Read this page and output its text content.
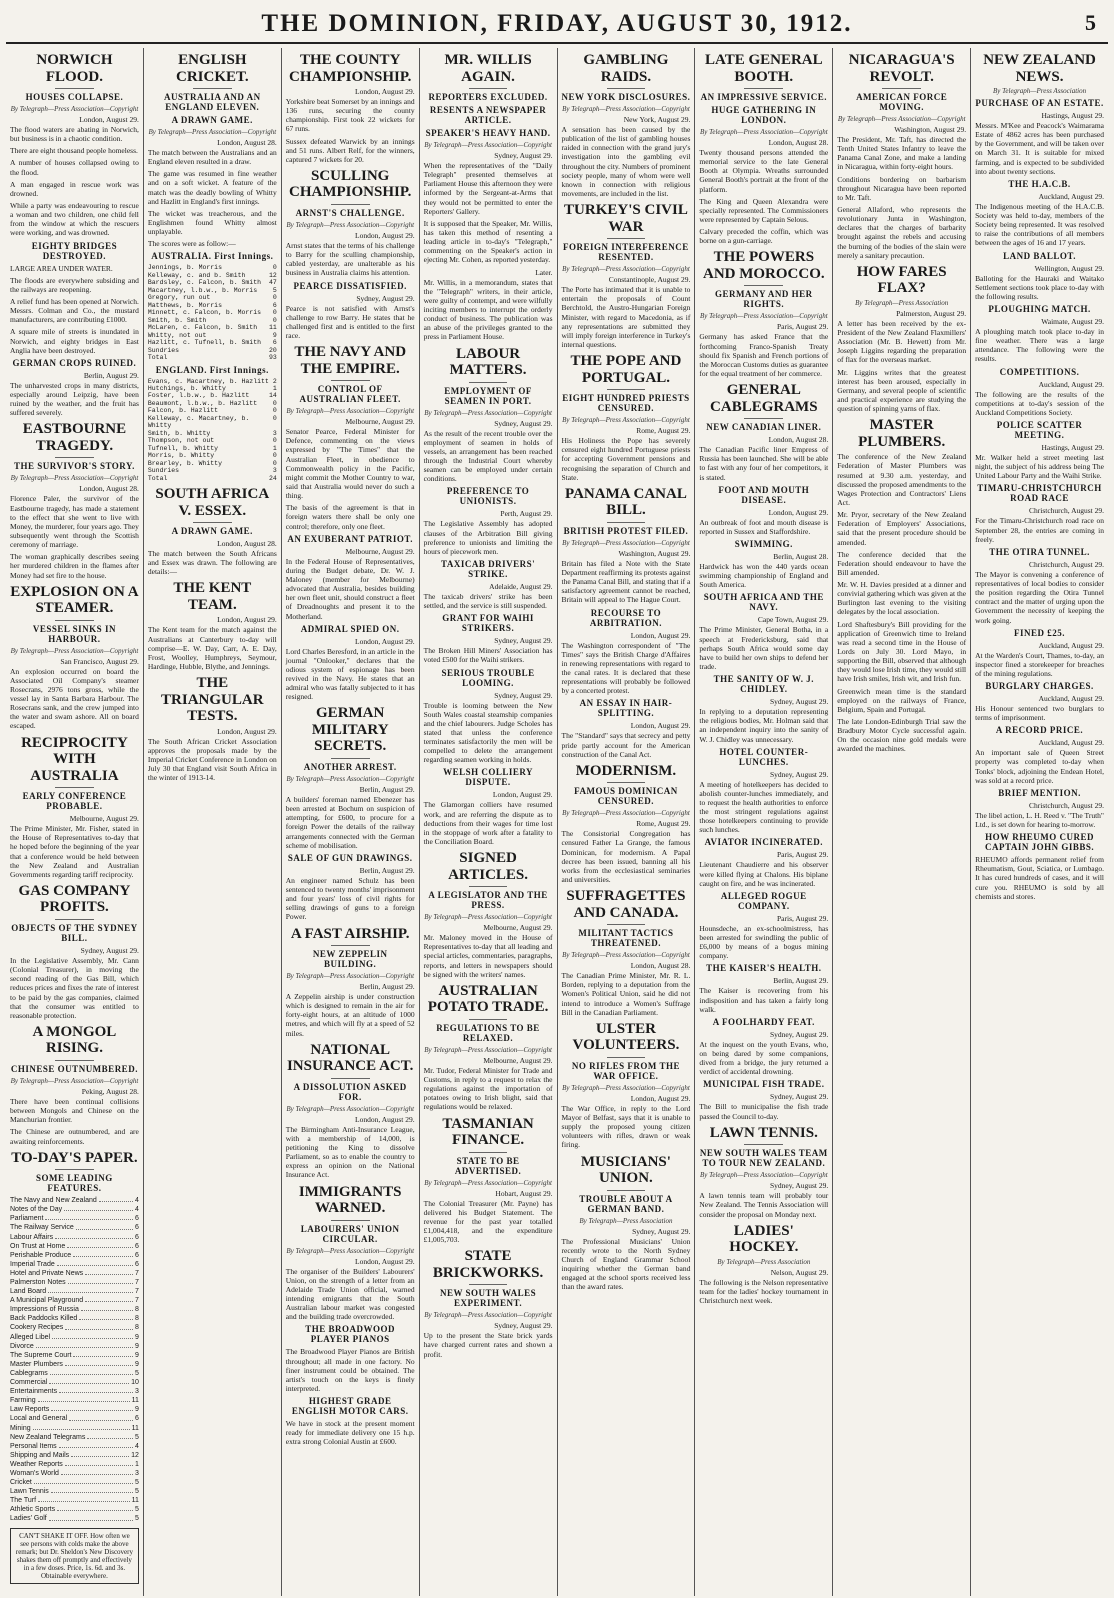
THE DOMINION, FRIDAY, AUGUST 30, 1912.	5
NORWICH FLOOD.
HOUSES COLLAPSE.
By Telegraph—Press Association—Copyright
London, August 29.

The flood waters are abating in Norwich, but business is in a chaotic condition.

There are eight thousand people homeless.

A number of houses collapsed owing to the flood.

A man engaged in rescue work was drowned.

While a party was endeavouring to rescue a woman and two children, one child fell from the window at which the rescuers were working, and was drowned.

EIGHTY BRIDGES DESTROYED.

LARGE AREA UNDER WATER.

The floods are everywhere subsiding and the railways are reopening.

A relief fund has been opened at Norwich. Messrs. Colman and Co., the mustard manufacturers, are contributing £1000.

A square mile of streets is inundated in Norwich, and eighty bridges in East Anglia have been destroyed.

GERMAN CROPS RUINED.
Berlin, August 29.

The unharvested crops in many districts, especially around Leipzig, have been ruined by the weather, and the fruit has suffered severely.

EASTBOURNE TRAGEDY.
THE SURVIVOR'S STORY.
By Telegraph—Press Association—Copyright
London, August 28.

Florence Paler, the survivor of the Eastbourne tragedy, has made a statement to the effect that she went to live with Money, the murderer, four years ago. They subsequently went through the Scottish ceremony of marriage.

The woman graphically describes seeing her murdered children in the flames after Money had set fire to the house.

EXPLOSION ON A STEAMER.
VESSEL SINKS IN HARBOUR.
By Telegraph—Press Association—Copyright
San Francisco, August 29.

An explosion occurred on board the Associated Oil Company's steamer Rosecrans, 2976 tons gross, while the vessel lay in Santa Barbara Harbour. The Rosecrans sank, and the crew jumped into the water and swam ashore. All on board escaped.

RECIPROCITY WITH AUSTRALIA
EARLY CONFERENCE PROBABLE.
Melbourne, August 29.

The Prime Minister, Mr. Fisher, stated in the House of Representatives to-day that he hoped before the beginning of the year that a conference would be held between the New Zealand and Australian Governments regarding tariff reciprocity.

GAS COMPANY PROFITS.
OBJECTS OF THE SYDNEY BILL.
Sydney, August 29.

In the Legislative Assembly, Mr. Cann (Colonial Treasurer), in moving the second reading of the Gas Bill, which reduces prices and fixes the rate of interest to be paid by the gas companies, claimed that the consumer was entitled to reasonable protection.

A MONGOL RISING.
CHINESE OUTNUMBERED.
By Telegraph—Press Association—Copyright
Peking, August 28.

There have been continual collisions between Mongols and Chinese on the Manchurian frontier.

The Chinese are outnumbered, and are awaiting reinforcements.

TO-DAY'S PAPER.
SOME LEADING FEATURES.
The Navy and New Zealand	4
Notes of the Day	4
Parliament	6
The Railway Service	6
Labour Affairs	6
On Trust at Home	6
Perishable Produce	6
Imperial Trade	6
Hotel and Private News	7
Palmerston Notes	7
Land Board	7
A Municipal Playground	7
Impressions of Russia	8
Back Paddocks Killed	8
Cookery Recipes	8
Alleged Libel	9
Divorce	9
The Supreme Court	9
Master Plumbers	9
Cablegrams	5
Commercial	10
Entertainments	3
Farming	11
Law Reports	9
Local and General	6
Mining	11
New Zealand Telegrams	5
Personal Items	4
Shipping and Mails	12
Weather Reports	1
Woman's World	3
Cricket	5
Lawn Tennis	5
The Turf	11
Athletic Sports	5
Ladies' Golf	5
CAN'T SHAKE IT OFF. How often we see persons with colds make the above remark; but Dr. Sheldon's New Discovery shakes them off promptly and effectively in a few doses. Price, 1s. 6d. and 3s. Obtainable everywhere.
ENGLISH CRICKET.
AUSTRALIA AND AN ENGLAND ELEVEN.
A DRAWN GAME.
By Telegraph—Press Association—Copyright
London, August 28.

The match between the Australians and an England eleven resulted in a draw.

The game was resumed in fine weather and on a soft wicket. A feature of the match was the deadly bowling of Whitty and Hazlitt in England's first innings.

The wicket was treacherous, and the Englishmen found Whitty almost unplayable.

The scores were as follow:—

AUSTRALIA. First Innings.
Jennings, b. Morris	0
Kelleway, c. and b. Smith	12
Bardsley, c. Falcon, b. Smith 47
Macartney, l.b.w., b. Morris 5
Gregory, run out	0
Matthews, b. Morris	6
Minnett, c. Falcon, b. Morris 0
Smith, b. Smith	0
McLaren, c. Falcon, b. Smith 11
Whitty, not out	9
Hazlitt, c. Tufnell, b. Smith 6
Sundries	20
Total	93
ENGLAND. First Innings.
Evans, c. Macartney, b. Hazlitt 2
Hutchings, b. Whitty	1
Foster, l.b.w., b. Hazlitt	14
Beaumont, l.b.w., b. Hazlitt 0
Falcon, b. Hazlitt	0
Kelleway, c. Macartney, b. Whitty
0
Smith, b. Whitty	3
Thompson, not out	0
Tufnell, b. Whitty	1
Morris, b. Whitty	0
Brearley, b. Whitty	0
Sundries	3
Total	24
SOUTH AFRICA V. ESSEX.
A DRAWN GAME.
London, August 28.

The match between the South Africans and Essex was drawn. The following are details:—

THE KENT TEAM.
London, August 29.

The Kent team for the match against the Australians at Canterbury to-day will comprise—E. W. Day, Carr, A. E. Day, Frost, Woolley, Humphreys, Seymour, Hardinge, Hubble, Blythe, and Jennings.

THE TRIANGULAR TESTS.
London, August 29.

The South African Cricket Association approves the proposals made by the Imperial Cricket Conference in London on July 30 that England visit South Africa in the winter of 1913-14.

THE COUNTY CHAMPIONSHIP.
London, August 29.

Yorkshire beat Somerset by an innings and 136 runs, securing the county championship. First took 22 wickets for 67 runs.

Sussex defeated Warwick by an innings and 51 runs. Albert Relf, for the winners, captured 7 wickets for 20.

SCULLING CHAMPIONSHIP.
ARNST'S CHALLENGE.
By Telegraph—Press Association—Copyright
London, August 29.

Arnst states that the terms of his challenge to Barry for the sculling championship, cabled yesterday, are unalterable as his business in Australia claims his attention.

PEARCE DISSATISFIED.
Sydney, August 29.

Pearce is not satisfied with Arnst's challenge to row Barry. He states that he challenged first and is entitled to the first race.

THE NAVY AND THE EMPIRE.
CONTROL OF AUSTRALIAN FLEET.
By Telegraph—Press Association—Copyright
Melbourne, August 29.

Senator Pearce, Federal Minister for Defence, commenting on the views expressed by "The Times" that the Australian Fleet, in obedience to Commonwealth policy in the Pacific, might commit the Mother Country to war, said that Australia would never do such a thing.

The basis of the agreement is that in foreign waters there shall be only one control; therefore, only one fleet.

AN EXUBERANT PATRIOT.
Melbourne, August 29.

In the Federal House of Representatives, during the Budget debate, Dr. W. J. Maloney (member for Melbourne) advocated that Australia, besides building her own fleet unit, should construct a fleet of Dreadnoughts and present it to the Motherland.

ADMIRAL SPIED ON.
London, August 29.

Lord Charles Beresford, in an article in the journal "Onlooker," declares that the odious system of espionage has been revived in the Navy. He states that an admiral who was fatally subjected to it has resigned.

GERMAN MILITARY SECRETS.
ANOTHER ARREST.
By Telegraph—Press Association—Copyright
Berlin, August 29.

A builders' foreman named Ebenezer has been arrested at Bochum on suspicion of attempting, for £600, to procure for a foreign Power the details of the railway arrangements connected with the German scheme of mobilisation.

SALE OF GUN DRAWINGS.
Berlin, August 29.

An engineer named Schulz has been sentenced to twenty months' imprisonment and four years' loss of civil rights for selling drawings of guns to a foreign Power.

A FAST AIRSHIP.
NEW ZEPPELIN BUILDING.
By Telegraph—Press Association—Copyright
Berlin, August 29.

A Zeppelin airship is under construction which is designed to remain in the air for forty-eight hours, at an altitude of 1000 metres, and which will fly at a speed of 52 miles.

NATIONAL INSURANCE ACT.
A DISSOLUTION ASKED FOR.
By Telegraph—Press Association—Copyright
London, August 29.

The Birmingham Anti-Insurance League, with a membership of 14,000, is petitioning the King to dissolve Parliament, so as to enable the country to express an opinion on the National Insurance Act.

IMMIGRANTS WARNED.
LABOURERS' UNION CIRCULAR.
By Telegraph—Press Association—Copyright
London, August 29.

The organiser of the Builders' Labourers' Union, on the strength of a letter from an Adelaide Trade Union official, warned intending emigrants that the South Australian labour market was congested and the building trade overcrowded.

THE BROADWOOD PLAYER PIANOS

The Broadwood Player Pianos are British throughout; all made in one factory. No finer instrument could be obtained. The artist's touch on the keys is finely interpreted.

HIGHEST GRADE ENGLISH MOTOR CARS.

We have in stock at the present moment ready for immediate delivery one 15 h.p. extra strong Colonial Austin at £600.

MR. WILLIS AGAIN.
REPORTERS EXCLUDED.
RESENTS A NEWSPAPER ARTICLE.
SPEAKER'S HEAVY HAND.
By Telegraph—Press Association—Copyright
Sydney, August 29.

When the representatives of the "Daily Telegraph" presented themselves at Parliament House this afternoon they were informed by the Sergeant-at-Arms that they would not be permitted to enter the Reporters' Gallery.

It is supposed that the Speaker, Mr. Willis, has taken this method of resenting a leading article in to-day's "Telegraph," commenting on the Speaker's action in ejecting Mr. Cohen, as reported yesterday.

Later.

Mr. Willis, in a memorandum, states that the "Telegraph" writers, in their article, were guilty of contempt, and were wilfully inciting members to interrupt the orderly conduct of business. The publication was an abuse of the privileges granted to the press in Parliament House.

LABOUR MATTERS.
EMPLOYMENT OF SEAMEN IN PORT.
By Telegraph—Press Association—Copyright
Sydney, August 29.

As the result of the recent trouble over the employment of seamen in holds of vessels, an arrangement has been reached through the Industrial Court whereby seamen can be employed under certain conditions.

PREFERENCE TO UNIONISTS.
Perth, August 29.

The Legislative Assembly has adopted clauses of the Arbitration Bill giving preference to unionists and limiting the hours of piecework men.

TAXICAB DRIVERS' STRIKE.
Adelaide, August 29.

The taxicab drivers' strike has been settled, and the service is still suspended.

GRANT FOR WAIHI STRIKERS.
Sydney, August 29.

The Broken Hill Miners' Association has voted £500 for the Waihi strikers.

SERIOUS TROUBLE LOOMING.
Sydney, August 29.

Trouble is looming between the New South Wales coastal steamship companies and the chief labourers. Judge Scholes has stated that unless the conference terminates satisfactorily the men will be compelled to delete the arrangement regarding seamen working in holds.

WELSH COLLIERY DISPUTE.
London, August 29.

The Glamorgan colliers have resumed work, and are referring the dispute as to deductions from their wages for time lost in the stoppage of work after a fatality to the Conciliation Board.

SIGNED ARTICLES.
A LEGISLATOR AND THE PRESS.
By Telegraph—Press Association—Copyright
Melbourne, August 29.

Mr. Maloney moved in the House of Representatives to-day that all leading and special articles, commentaries, paragraphs, reports, and letters in newspapers should be signed with the writers' names.

AUSTRALIAN POTATO TRADE.
REGULATIONS TO BE RELAXED.
By Telegraph—Press Association—Copyright
Melbourne, August 29.

Mr. Tudor, Federal Minister for Trade and Customs, in reply to a request to relax the regulations against the importation of potatoes owing to Irish blight, said that regulations would be relaxed.

TASMANIAN FINANCE.
STATE TO BE ADVERTISED.
By Telegraph—Press Association—Copyright
Hobart, August 29.

The Colonial Treasurer (Mr. Payne) has delivered his Budget Statement. The revenue for the past year totalled £1,004,418, and the expenditure £1,005,703.

STATE BRICKWORKS.
NEW SOUTH WALES EXPERIMENT.
By Telegraph—Press Association—Copyright
Sydney, August 29.

Up to the present the State brick yards have charged current rates and shown a profit.

GAMBLING RAIDS.
NEW YORK DISCLOSURES.
By Telegraph—Press Association—Copyright
New York, August 29.

A sensation has been caused by the publication of the list of gambling houses raided in connection with the grand jury's investigation into the gambling evil throughout the city. Numbers of prominent society people, many of whom were well known in connection with religious movements, are included in the list.

TURKEY'S CIVIL WAR
FOREIGN INTERFERENCE RESENTED.
By Telegraph—Press Association—Copyright
Constantinople, August 29.

The Porte has intimated that it is unable to entertain the proposals of Count Berchtold, the Austro-Hungarian Foreign Minister, with regard to Macedonia, as if any representations are submitted they will imply foreign interference in Turkey's internal questions.

THE POPE AND PORTUGAL.
EIGHT HUNDRED PRIESTS CENSURED.
By Telegraph—Press Association—Copyright
Rome, August 29.

His Holiness the Pope has severely censured eight hundred Portuguese priests for accepting Government pensions and recognising the separation of Church and State.

PANAMA CANAL BILL.
BRITISH PROTEST FILED.
By Telegraph—Press Association—Copyright
Washington, August 29.

Britain has filed a Note with the State Department reaffirming its protests against the Panama Canal Bill, and stating that if a satisfactory agreement cannot be reached, Britain will appeal to The Hague Court.

RECOURSE TO ARBITRATION.
London, August 29.

The Washington correspondent of "The Times" says the British Charge d'Affaires in renewing representations with regard to the canal rates. It is declared that these representations will probably be followed by a concerted protest.

AN ESSAY IN HAIR-SPLITTING.
London, August 29.

The "Standard" says that secrecy and petty pride partly account for the American construction of the Canal Act.

MODERNISM.
FAMOUS DOMINICAN CENSURED.
By Telegraph—Press Association—Copyright
Rome, August 29.

The Consistorial Congregation has censured Father La Grange, the famous Dominican, for modernism. A Papal decree has been issued, banning all his works from the ecclesiastical seminaries and universities.

SUFFRAGETTES AND CANADA.
MILITANT TACTICS THREATENED.
By Telegraph—Press Association—Copyright
London, August 28.

The Canadian Prime Minister, Mr. R. L. Borden, replying to a deputation from the Women's Political Union, said he did not intend to introduce a Women's Suffrage Bill in the Canadian Parliament.

ULSTER VOLUNTEERS.
NO RIFLES FROM THE WAR OFFICE.
By Telegraph—Press Association—Copyright
London, August 29.

The War Office, in reply to the Lord Mayor of Belfast, says that it is unable to supply the proposed young citizen volunteers with rifles, drawn or weak firing.

MUSICIANS' UNION.
TROUBLE ABOUT A GERMAN BAND.
By Telegraph—Press Association
Sydney, August 29.

The Professional Musicians' Union recently wrote to the North Sydney Church of England Grammar School inquiring whether the German band engaged at the school sports received less than the award rates.

LATE GENERAL BOOTH.
AN IMPRESSIVE SERVICE.
HUGE GATHERING IN LONDON.
By Telegraph—Press Association—Copyright
London, August 28.

Twenty thousand persons attended the memorial service to the late General Booth at Olympia. Wreaths surrounded General Booth's portrait at the front of the platform.

The King and Queen Alexandra were specially represented. The Commissioners were represented by Captain Selous.

Calvary preceded the coffin, which was borne on a gun-carriage.

THE POWERS AND MOROCCO.
GERMANY AND HER RIGHTS.
By Telegraph—Press Association—Copyright
Paris, August 29.

Germany has asked France that the forthcoming Franco-Spanish Treaty should fix Spanish and French portions of the Moroccan Customs duties as guarantee for the equal treatment of her commerce.

GENERAL CABLEGRAMS
NEW CANADIAN LINER.
London, August 28.

The Canadian Pacific liner Empress of Russia has been launched. She will be able to fast with any four of her competitors, it is stated.

FOOT AND MOUTH DISEASE.
London, August 29.

An outbreak of foot and mouth disease is reported in Sussex and Staffordshire.

SWIMMING.
Berlin, August 28.

Hardwick has won the 440 yards ocean swimming championship of England and South America.

SOUTH AFRICA AND THE NAVY.
Cape Town, August 29.

The Prime Minister, General Botha, in a speech at Fredericksburg, said that perhaps South Africa would some day have to build her own ships to defend her trade.

THE SANITY OF W. J. CHIDLEY.
Sydney, August 29.

In replying to a deputation representing the religious bodies, Mr. Holman said that an independent inquiry into the sanity of W. J. Chidley was unnecessary.

HOTEL COUNTER-LUNCHES.
Sydney, August 29.

A meeting of hotelkeepers has decided to abolish counter-lunches immediately, and to request the health authorities to enforce the most stringent regulations against those hotelkeepers continuing to provide such lunches.

AVIATOR INCINERATED.
Paris, August 29.

Lieutenant Chaudierre and his observer were killed flying at Chalons. His biplane caught on fire, and he was incinerated.

ALLEGED ROGUE COMPANY.
Paris, August 29.

Hounsdeche, an ex-schoolmistress, has been arrested for swindling the public of £6,000 by means of a bogus mining company.

THE KAISER'S HEALTH.
Berlin, August 29.

The Kaiser is recovering from his indisposition and has taken a fairly long walk.

A FOOLHARDY FEAT.
Sydney, August 29.

At the inquest on the youth Evans, who, on being dared by some companions, dived from a bridge, the jury returned a verdict of accidental drowning.

MUNICIPAL FISH TRADE.
Sydney, August 29.

The Bill to municipalise the fish trade passed the Council to-day.

LAWN TENNIS.
NEW SOUTH WALES TEAM TO TOUR NEW ZEALAND.
By Telegraph—Press Association—Copyright
Sydney, August 29.

A lawn tennis team will probably tour New Zealand. The Tennis Association will consider the proposal on Monday next.

LADIES' HOCKEY.
By Telegraph—Press Association
Nelson, August 29.

The following is the Nelson representative team for the ladies' hockey tournament in Christchurch next week.

NICARAGUA'S REVOLT.
AMERICAN FORCE MOVING.
By Telegraph—Press Association—Copyright
Washington, August 29.

The President, Mr. Taft, has directed the Tenth United States Infantry to leave the Panama Canal Zone, and make a landing in Nicaragua, within forty-eight hours.

Conditions bordering on barbarism throughout Nicaragua have been reported to Mr. Taft.

General Allaford, who represents the revolutionary Junta in Washington, declares that the charges of barbarity brought against the rebels and accusing the burning of the bodies of the slain were merely a sanitary precaution.

HOW FARES FLAX?
By Telegraph—Press Association
Palmerston, August 29.

A letter has been received by the ex-President of the New Zealand Flaxmillers' Association (Mr. B. Hewett) from Mr. Joseph Liggins regarding the preparation of flax for the overseas market.

Mr. Liggins writes that the greatest interest has been aroused, especially in Germany, and several people of scientific and practical experience are studying the question of spinning yarns of flax.

MASTER PLUMBERS.

The conference of the New Zealand Federation of Master Plumbers was resumed at 9.30 a.m. yesterday, and discussed the proposed amendments to the Wages Protection and Contractors' Liens Act.

Mr. Pryor, secretary of the New Zealand Federation of Employers' Associations, said that the present procedure should be amended.

The conference decided that the Federation should endeavour to have the Bill amended.

Mr. W. H. Davies presided at a dinner and convivial gathering which was given at the Burlington last evening to the visiting delegates by the local association.

Lord Shaftesbury's Bill providing for the application of Greenwich time to Ireland was read a second time in the House of Lords on July 30. Lord Mayo, in supporting the Bill, observed that although they would lose Irish time, they would still have Irish smiles, Irish wit, and Irish fun.

Greenwich mean time is the standard employed on the railways of France, Belgium, Spain and Portugal.

The late London-Edinburgh Trial saw the Bradbury Motor Cycle successful again. On the occasion nine gold medals were awarded the machines.

NEW ZEALAND NEWS.
By Telegraph—Press Association
PURCHASE OF AN ESTATE.
Hastings, August 29.

Messrs. M'Kee and Peacock's Waimarama Estate of 4862 acres has been purchased by the Government, and will be taken over on March 31. It is suitable for mixed farming, and is expected to be subdivided into about twenty sections.

THE H.A.C.B.
Auckland, August 29.

The Indigenous meeting of the H.A.C.B. Society was held to-day, members of the Society being represented. It was resolved to raise the contributions of all members between the ages of 16 and 17 years.

LAND BALLOT.
Wellington, August 29.

Balloting for the Hauraki and Waitako Settlement sections took place to-day with the following results.

PLOUGHING MATCH.
Waimate, August 29.

A ploughing match took place to-day in fine weather. There was a large attendance. The following were the results.

COMPETITIONS.
Auckland, August 29.

The following are the results of the competitions at to-day's session of the Auckland Competitions Society.

POLICE SCATTER MEETING.
Hastings, August 29.

Mr. Walker held a street meeting last night, the subject of his address being The United Labour Party and the Waihi Strike.

TIMARU-CHRISTCHURCH ROAD RACE
Christchurch, August 29.

For the Timaru-Christchurch road race on September 28, the entries are coming in freely.

THE OTIRA TUNNEL.
Christchurch, August 29.

The Mayor is convening a conference of representatives of local bodies to consider the position regarding the Otira Tunnel contract and the matter of urging upon the Government the necessity of keeping the work going.

FINED £25.
Auckland, August 29.

At the Warden's Court, Thames, to-day, an inspector fined a storekeeper for breaches of the mining regulations.

BURGLARY CHARGES.
Auckland, August 29.

His Honour sentenced two burglars to terms of imprisonment.

A RECORD PRICE.
Auckland, August 29.

An important sale of Queen Street property was completed to-day when Tonks' block, adjoining the Endean Hotel, was sold at a record price.

BRIEF MENTION.
Christchurch, August 29.

The libel action, L. H. Reed v. "The Truth" Ltd., is set down for hearing to-morrow.

HOW RHEUMO CURED CAPTAIN JOHN GIBBS.

RHEUMO affords permanent relief from Rheumatism, Gout, Sciatica, or Lumbago. It has cured hundreds of cases, and it will cure you. RHEUMO is sold by all chemists and stores.
